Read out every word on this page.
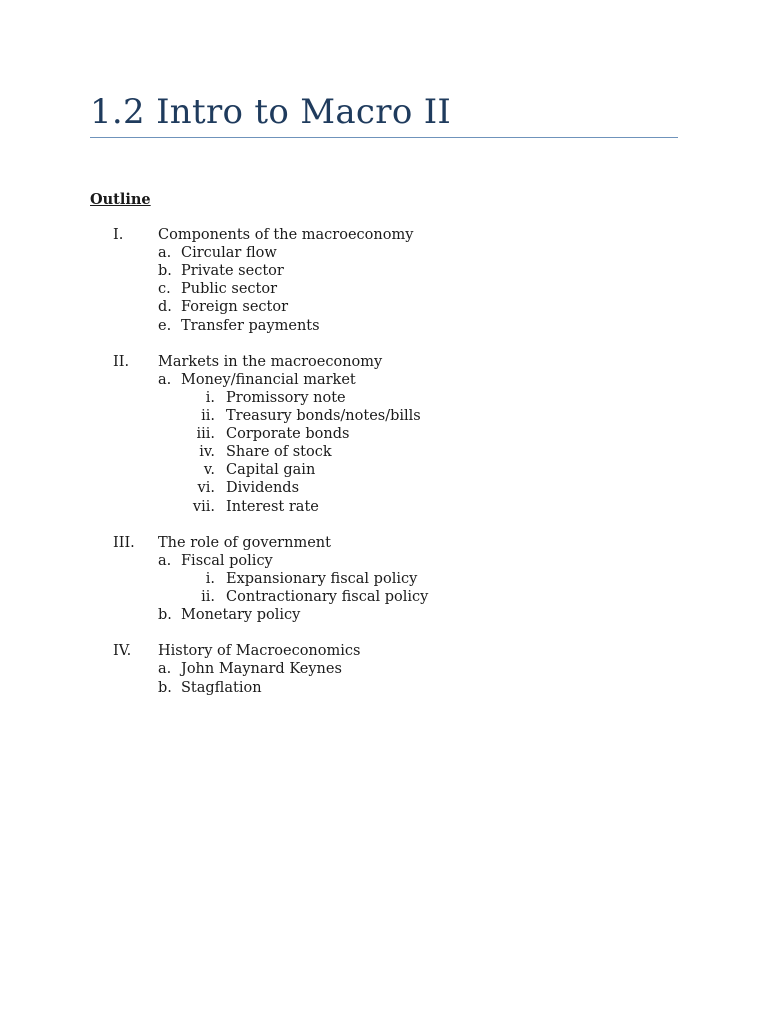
1.2 Intro to Macro II
Outline
I. Components of the macroeconomy
a. Circular flow
b. Private sector
c. Public sector
d. Foreign sector
e. Transfer payments
II. Markets in the macroeconomy
a. Money/financial market
i. Promissory note
ii. Treasury bonds/notes/bills
iii. Corporate bonds
iv. Share of stock
v. Capital gain
vi. Dividends
vii. Interest rate
III. The role of government
a. Fiscal policy
i. Expansionary fiscal policy
ii. Contractionary fiscal policy
b. Monetary policy
IV. History of Macroeconomics
a. John Maynard Keynes
b. Stagflation
